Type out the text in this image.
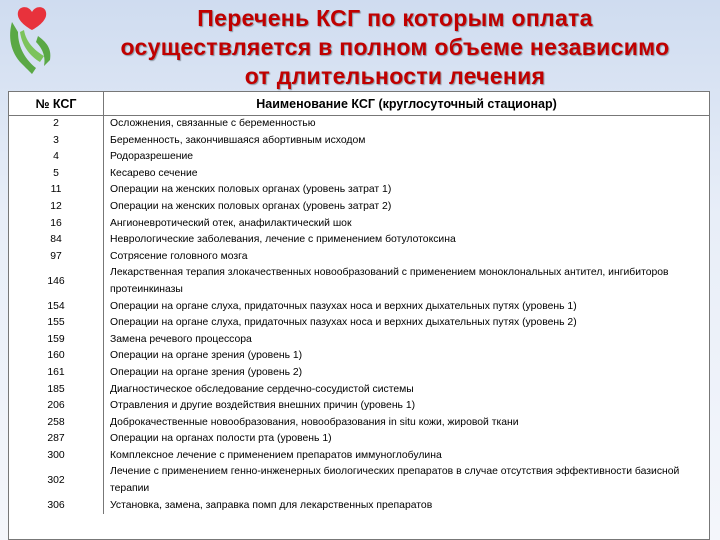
Перечень КСГ по которым оплата
осуществляется в полном объеме независимо
от длительности лечения
№ КСГ	Наименование КСГ (круглосуточный стационар)
2	Осложнения, связанные с беременностью
3	Беременность, закончившаяся абортивным исходом
4	Родоразрешение
5	Кесарево сечение
11	Операции на женских половых органах (уровень затрат 1)
12	Операции на женских половых органах (уровень затрат 2)
16	Ангионевротический отек, анафилактический шок
84	Неврологические заболевания, лечение с применением ботулотоксина
97	Сотрясение головного мозга
146	Лекарственная терапия злокачественных новообразований с применением моноклональных антител, ингибиторов протеинкиназы
154	Операции на органе слуха, придаточных пазухах носа и верхних дыхательных путях (уровень 1)
155	Операции на органе слуха, придаточных пазухах носа и верхних дыхательных путях (уровень 2)
159	Замена речевого процессора
160	Операции на органе зрения (уровень 1)
161	Операции на органе зрения (уровень 2)
185	Диагностическое обследование сердечно-сосудистой системы
206	Отравления и другие воздействия внешних причин (уровень 1)
258	Доброкачественные новообразования, новообразования in situ кожи, жировой ткани
287	Операции на органах полости рта (уровень 1)
300	Комплексное лечение с применением препаратов иммуноглобулина
302	Лечение с применением генно-инженерных биологических препаратов в случае отсутствия эффективности базисной терапии
306	Установка, замена, заправка помп для лекарственных препаратов
